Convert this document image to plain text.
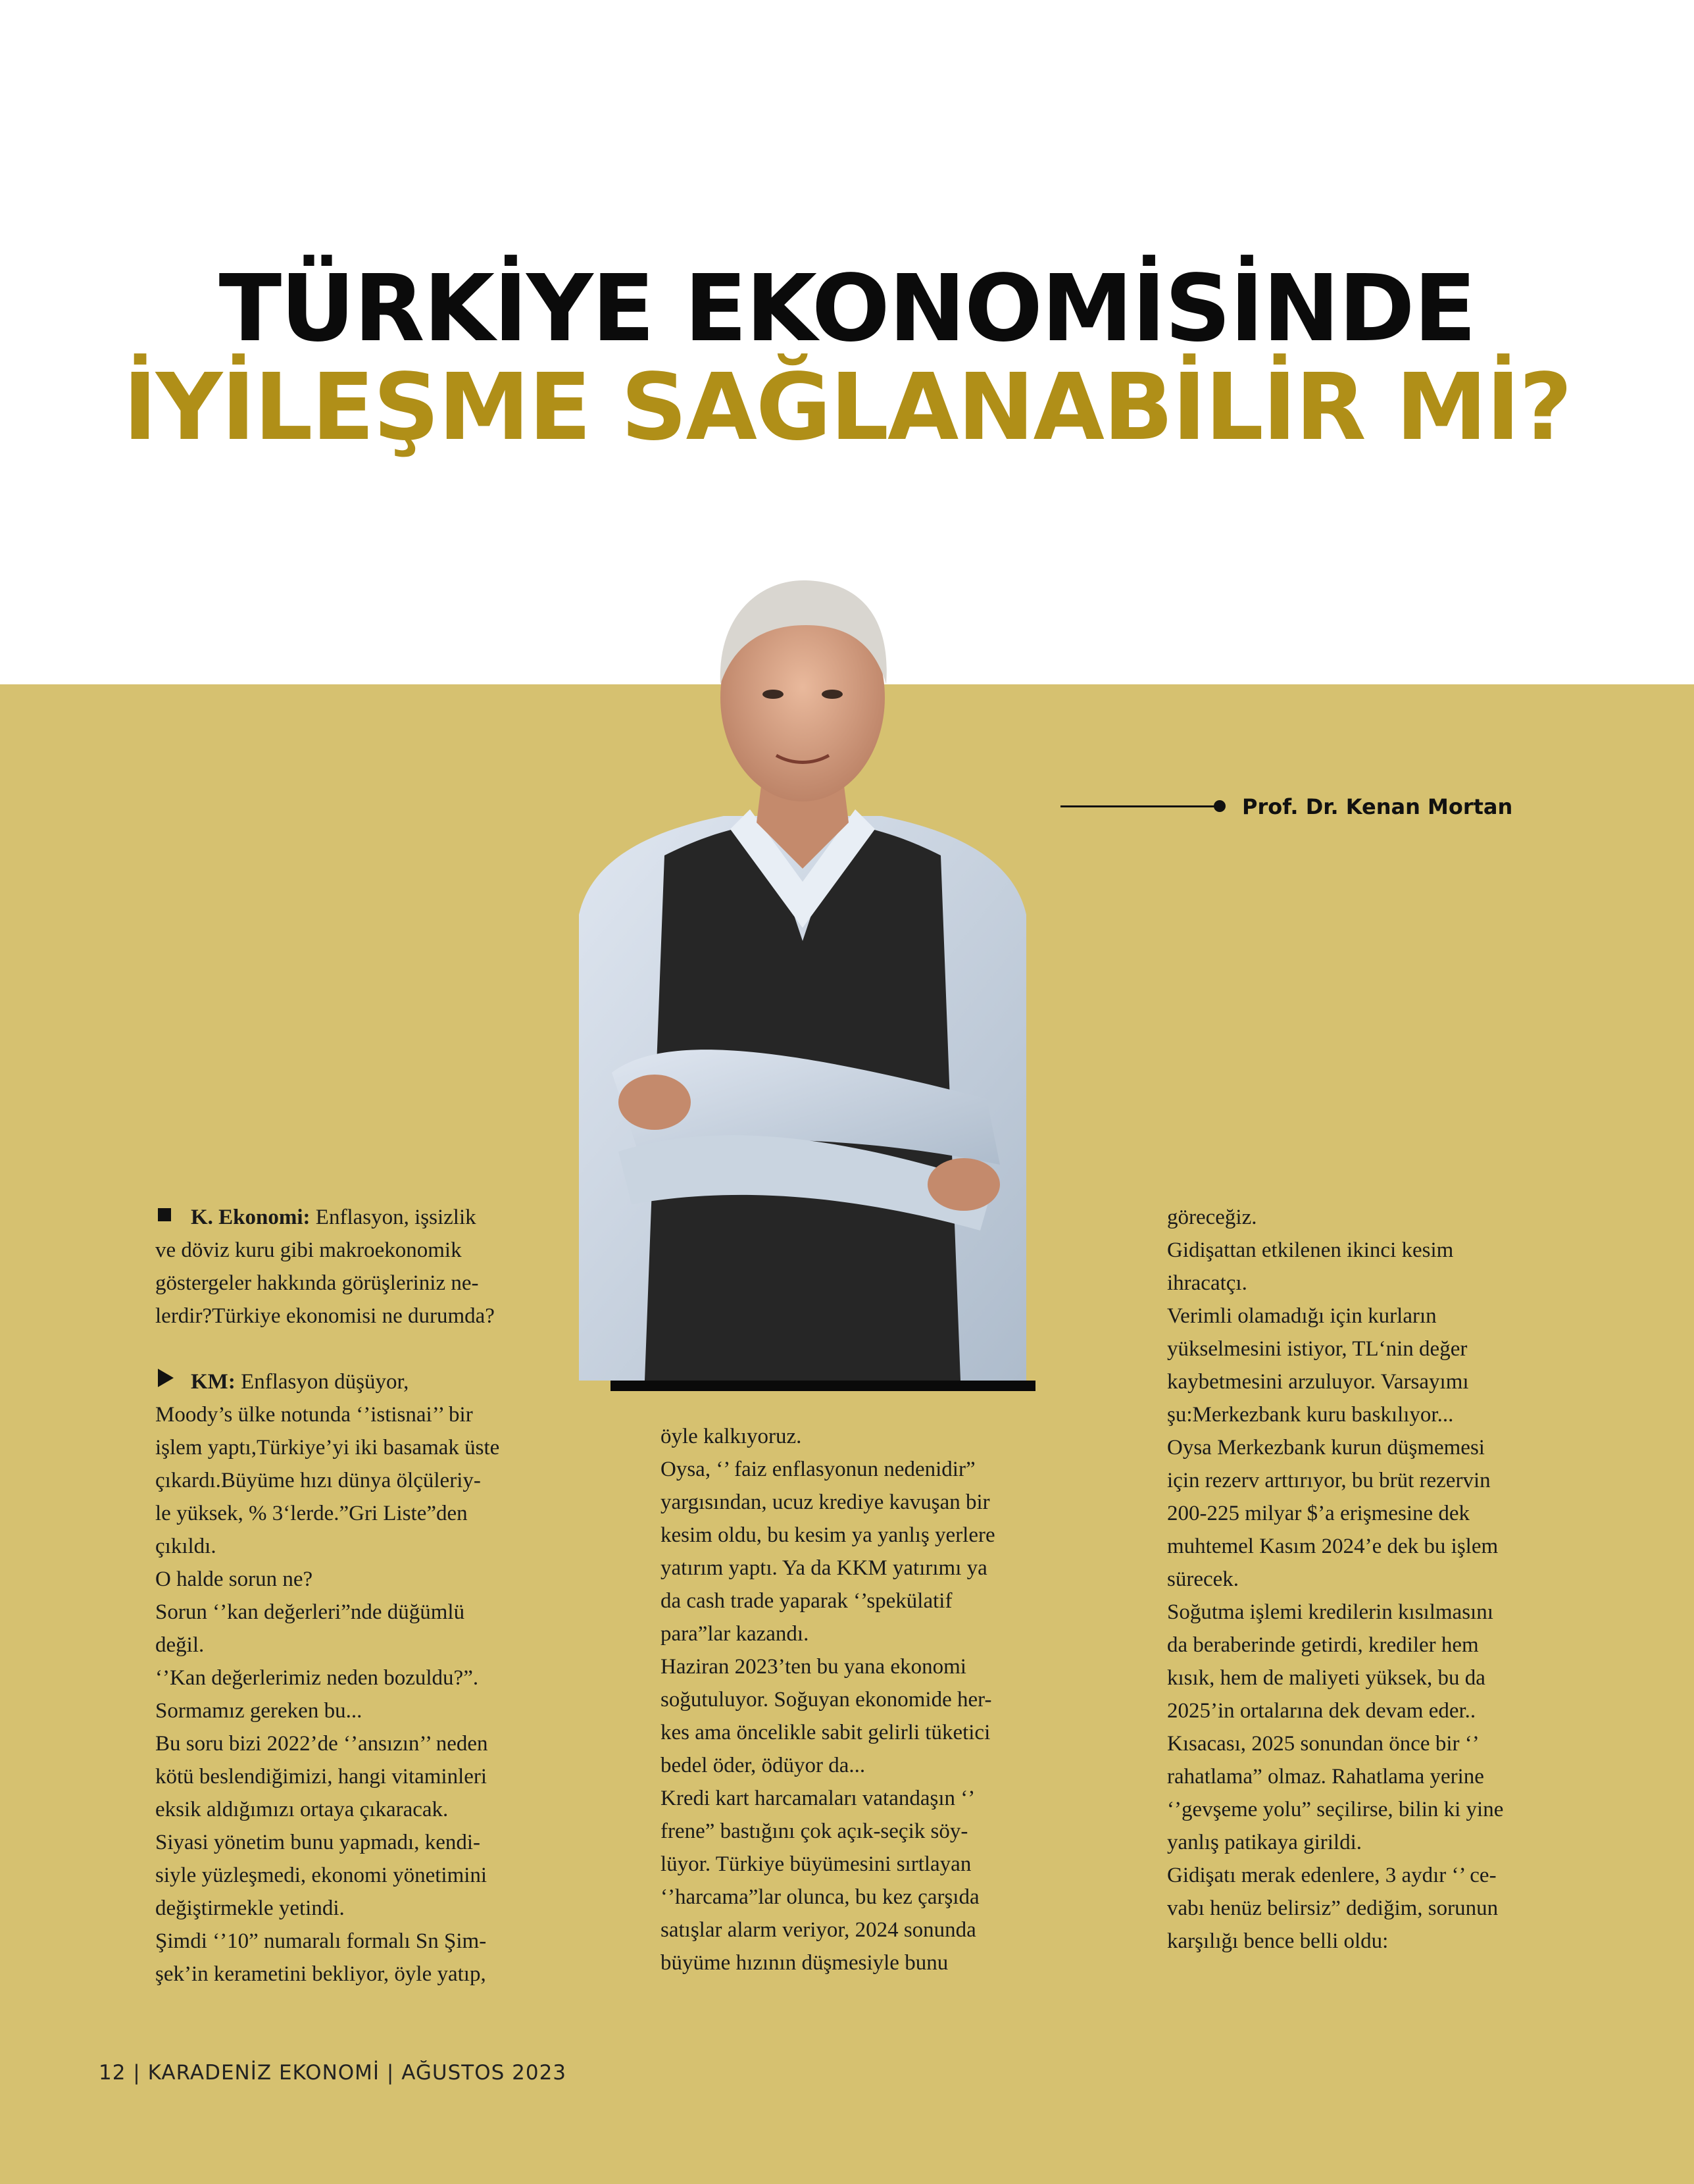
TÜRKİYE EKONOMİSİNDE
İYİLEŞME SAĞLANABİLİR Mİ?
Prof. Dr. Kenan Mortan
K. Ekonomi: Enflasyon, işsizlik
ve döviz kuru gibi makroekonomik
göstergeler hakkında görüşleriniz ne-
lerdir?Türkiye ekonomisi ne durumda?
KM: Enflasyon düşüyor,
Moody’s ülke notunda ‘’istisnai’’ bir
işlem yaptı,Türkiye’yi iki basamak üste
çıkardı.Büyüme hızı dünya ölçüleriy-
le yüksek, % 3‘lerde.”Gri Liste”den
çıkıldı.
O halde sorun ne?
Sorun ‘’kan değerleri”nde düğümlü
değil.
‘’Kan değerlerimiz neden bozuldu?”.
Sormamız gereken bu...
Bu soru bizi 2022’de ‘’ansızın’’ neden
kötü beslendiğimizi, hangi vitaminleri
eksik aldığımızı ortaya çıkaracak.
Siyasi yönetim bunu yapmadı, kendi-
siyle yüzleşmedi, ekonomi yönetimini
değiştirmekle yetindi.
Şimdi ‘’10” numaralı formalı Sn Şim-
şek’in kerametini bekliyor, öyle yatıp,
öyle kalkıyoruz.
Oysa, ‘’ faiz enflasyonun nedenidir”
yargısından, ucuz krediye kavuşan bir
kesim oldu, bu kesim ya yanlış yerlere
yatırım yaptı. Ya da KKM yatırımı ya
da cash trade yaparak ‘’spekülatif
para”lar kazandı.
Haziran 2023’ten bu yana ekonomi
soğutuluyor. Soğuyan ekonomide her-
kes ama öncelikle sabit gelirli tüketici
bedel öder, ödüyor da...
Kredi kart harcamaları vatandaşın ‘’
frene” bastığını çok açık-seçik söy-
lüyor. Türkiye büyümesini sırtlayan
‘’harcama”lar olunca, bu kez çarşıda
satışlar alarm veriyor, 2024 sonunda
büyüme hızının düşmesiyle bunu
göreceğiz.
Gidişattan etkilenen ikinci kesim
ihracatçı.
Verimli olamadığı için kurların
yükselmesini istiyor, TL‘nin değer
kaybetmesini arzuluyor. Varsayımı
şu:Merkezbank kuru baskılıyor...
Oysa Merkezbank kurun düşmemesi
için rezerv arttırıyor, bu brüt rezervin
200-225 milyar $’a erişmesine dek
muhtemel Kasım 2024’e dek bu işlem
sürecek.
Soğutma işlemi kredilerin kısılmasını
da beraberinde getirdi, krediler hem
kısık, hem de maliyeti yüksek, bu da
2025’in ortalarına dek devam eder..
Kısacası, 2025 sonundan önce bir ‘’
rahatlama” olmaz. Rahatlama yerine
‘’gevşeme yolu” seçilirse, bilin ki yine
yanlış patikaya girildi.
Gidişatı merak edenlere, 3 aydır ‘’ ce-
vabı henüz belirsiz” dediğim, sorunun
karşılığı bence belli oldu:
12 | KARADENİZ EKONOMİ | AĞUSTOS 2023
